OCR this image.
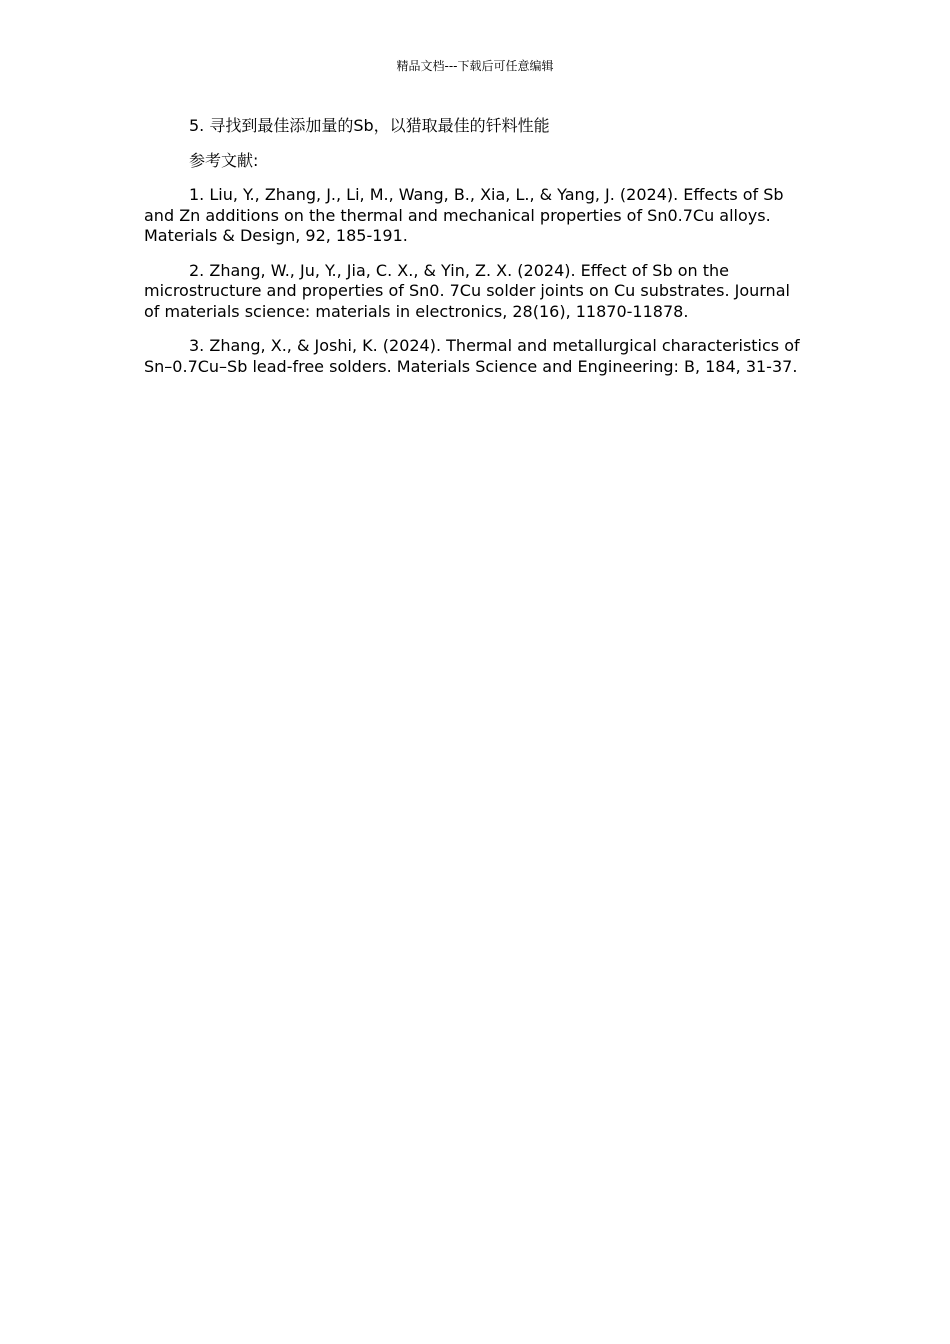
精品文档---下载后可任意编辑

5. 寻找到最佳添加量的Sb，以猎取最佳的钎料性能

参考文献:

1. Liu, Y., Zhang, J., Li, M., Wang, B., Xia, L., & Yang, J. (2024). Effects of Sb and Zn additions on the thermal and mechanical properties of Sn0.7Cu alloys. Materials & Design, 92, 185-191.

2. Zhang, W., Ju, Y., Jia, C. X., & Yin, Z. X. (2024). Effect of Sb on the microstructure and properties of Sn0. 7Cu solder joints on Cu substrates. Journal of materials science: materials in electronics, 28(16), 11870-11878.

3. Zhang, X., & Joshi, K. (2024). Thermal and metallurgical characteristics of Sn–0.7Cu–Sb lead-free solders. Materials Science and Engineering: B, 184, 31-37.
